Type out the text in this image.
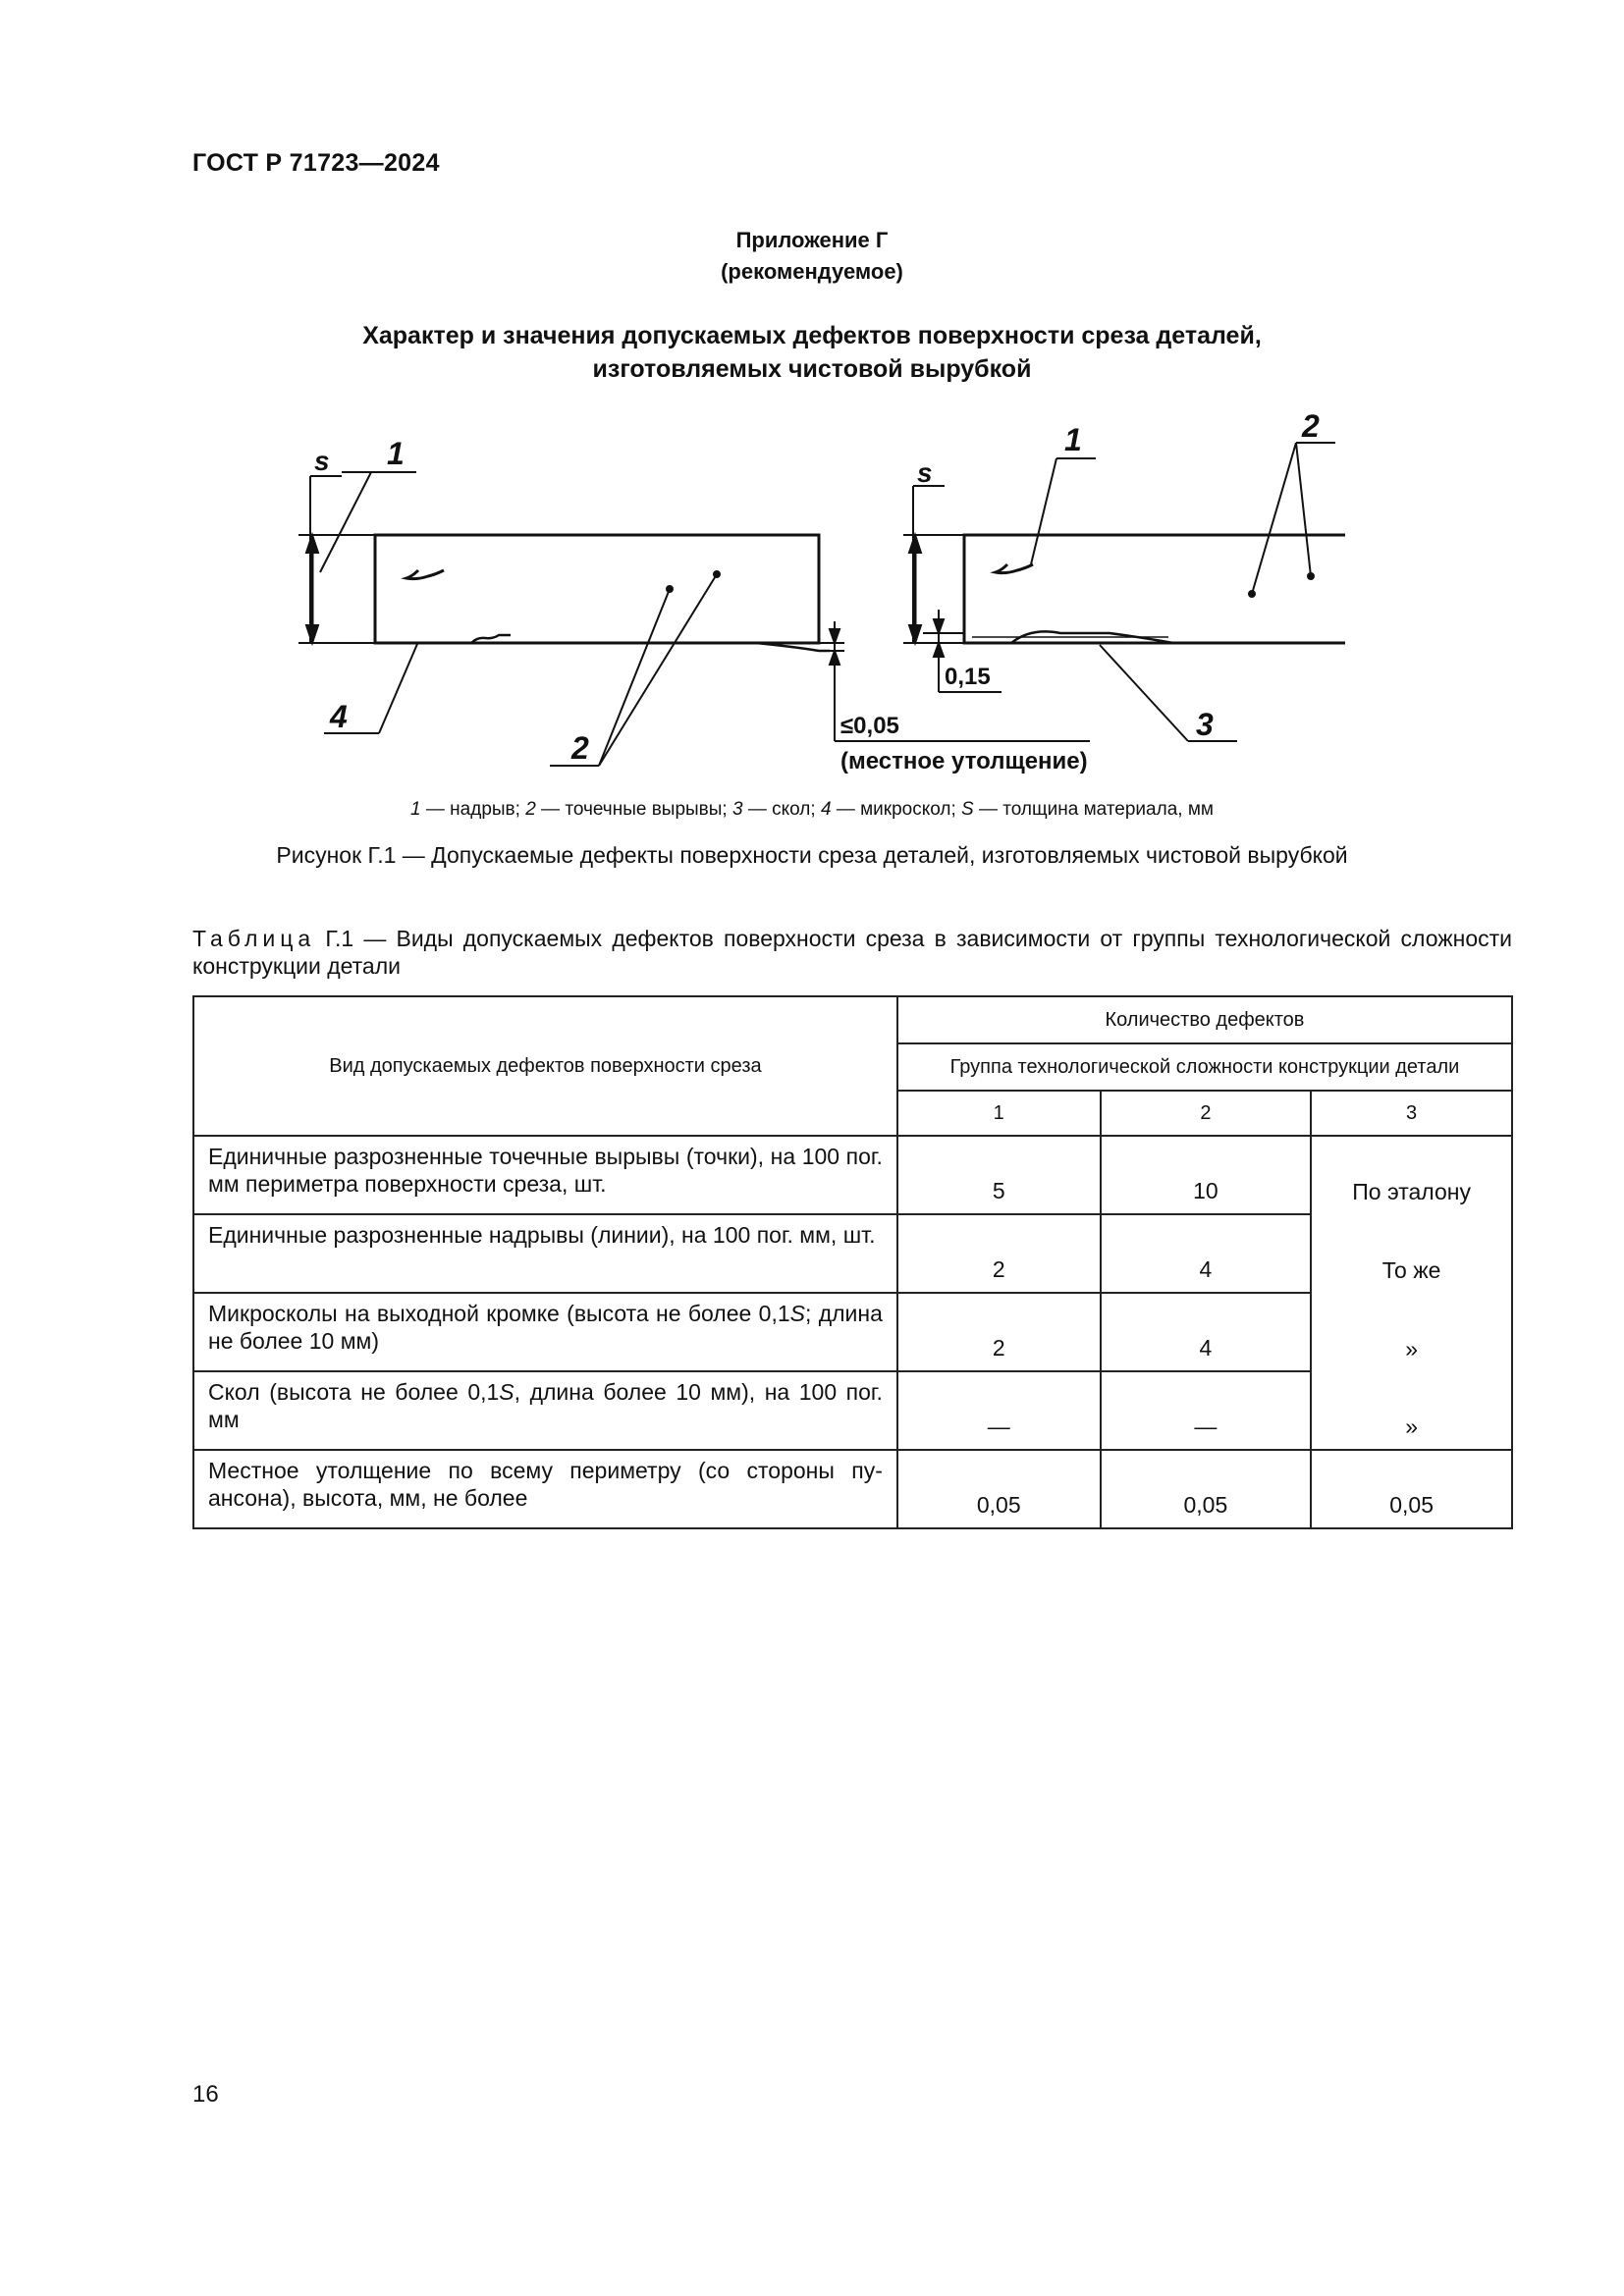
ГОСТ Р 71723—2024
Приложение Г
(рекомендуемое)
Характер и значения допускаемых дефектов поверхности среза деталей,
изготовляемых чистовой вырубкой
s 1
4
2
≤0,05
(местное утолщение)
s
0,15
1	2
3
1 — надрыв; 2 — точечные вырывы; 3 — скол; 4 — микроскол; S — толщина материала, мм
Рисунок Г.1 — Допускаемые дефекты поверхности среза деталей, изготовляемых чистовой вырубкой
Таблица Г.1 — Виды допускаемых дефектов поверхности среза в зависимости от группы технологической сложности конструкции детали
Вид допускаемых дефектов поверхности среза	Количество дефектов		
	Группа технологической сложности конструкции детали		
	1	2	3
Единичные разрозненные точечные вырывы (точки), на 100 пог. мм периметра поверхности среза, шт.	5	10	По эталону
Единичные разрозненные надрывы (линии), на 100 пог. мм, шт.	2	4	То же
Микросколы на выходной кромке (высота не более 0,1S; длина не более 10 мм)	2	4	»
Скол (высота не более 0,1S, длина более 10 мм), на 100 пог. мм	—	—	»
Местное утолщение по всему периметру (со стороны пу-ансона), высота, мм, не более	0,05	0,05	0,05
16
